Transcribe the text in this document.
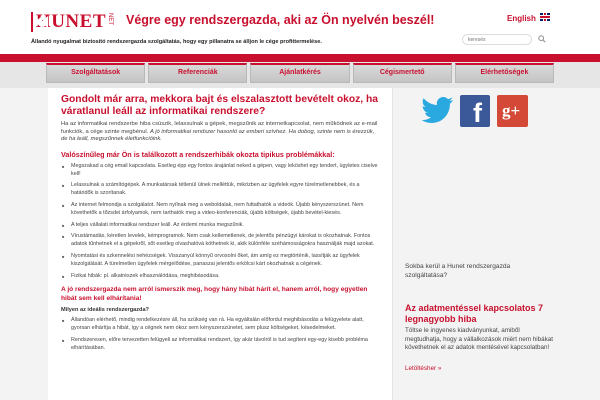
HUNET NET Végre egy rendszergazda, aki az Ön nyelvén beszél!	English
Állandó nyugalmat biztosító rendszergazda szolgáltatás, hogy egy pillanatra se álljon le cége profittermelése.
keresés
Szolgáltatások	Referenciák	Ajánlatkérés	Cégismertető	Elérhetőségek
Gondolt már arra, mekkora bajt és elszalasztott bevételt okoz, ha váratlanul leáll az informatikai rendszere?

Ha az informatikai rendszerbe hiba csúszik, lelassulnak a gépek, megszűnik az internetkapcsolat, nem működnek az e-mail funkciók, a cége szinte megbénul. A jó informatikai rendszer hasonló az emberi szívhez. Ha dobog, szinte nem is érezzük, de ha leáll, megszűnnek életfunkcióink.

Valószínűleg már Ön is találkozott a rendszerhibák okozta tipikus problémákkal:
■ Megszakad a cég email kapcsolata. Esetleg épp egy fontos árajánlat neked a gépen, vagy leköshet egy tendert, ügyletes ciselve kell!
■ Lelassulnak a számítógépek. A munkatársak tétlenül ülnek melléttük, miközben az ügyfelek egyre türelmetlenebbek, és a határidők is szorítanak.
■ Az internet felmondja a szolgálatot. Nem nyílnak meg a weboldalak, nem futtathatók a videók. Újabb kényszerszünet. Nem követhetők a tőzsdei árfolyamok, nem tarthatók meg a video-konferenciák, újabb költségek, újabb bevétel-kiesés.
■ A teljes vállalati informatikai rendszer leáll. Az érdemi munka megszűnik.
■ Vírustámadás, kéretlen levelek, kémprogramok. Nem csak kellemetlenek, de jelentős pénzügyi károkat is okozhatnak. Fontos adatok tűnhetnek el a gépekről, sőt esetleg olvashatóvá köthetnek ki, akik különféle széhámosságokra használják majd azokat.
■ Nyomtatási és szkennelési nehézségek. Visszanyúl könnyű orvosolni őket, ám amíg ez megtörténik, lassítják az ügyfelek kiszolgálását. A türelmetlen ügyfelek mérgelődése, panaszai jelentős erkölcsi kárt okozhatnak a cégének.
■ Fizikai hibák: pl. alkatrészek elhasználódása, meghibásodása.
A jó rendszergazda nem arról ismerszik meg, hogy hány hibát hárít el, hanem arról, hogy egyetlen hibát sem kell elhárítania!
Milyen az ideális rendszergazda?
■ Állandóan elérhető, mindig rendelkezésre áll, ha szükség van rá. Ha egyáltalán előfordul meghibásodás a felügyelete alatt, gyorsan elhárítja a hibát, így a cégnek nem okoz sem kényszerszünetet, sem plusz költségeket, késedelmeket.
■ Rendszeresen, előre tervezetten felügyeli az informatikai rendszert, így akár távolról is tud segíteni egy-egy kisebb probléma elhárításában.
f g+
Sokba kerül a Hunet rendszergazda szolgáltatása?
Az adatmentéssel kapcsolatos 7 legnagyobb hiba
Töltse le ingyenes kiadványunkat, amiből megtudhatja, hogy a vállalkozások miért nem hibákat követhetnek el az adatok mentésével kapcsolatban!
Letöltésher »
